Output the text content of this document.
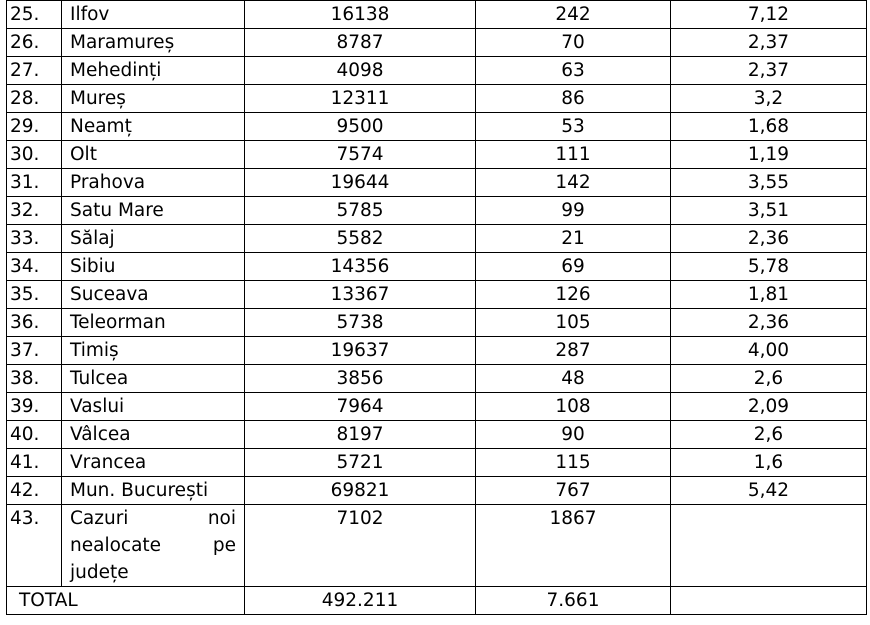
25.	Ilfov	16138	242	7,12
26.	Maramureș	8787	70	2,37
27.	Mehedinți	4098	63	2,37
28.	Mureș	12311	86	3,2
29.	Neamț	9500	53	1,68
30.	Olt	7574	111	1,19
31.	Prahova	19644	142	3,55
32.	Satu Mare	5785	99	3,51
33.	Sălaj	5582	21	2,36
34.	Sibiu	14356	69	5,78
35.	Suceava	13367	126	1,81
36.	Teleorman	5738	105	2,36
37.	Timiș	19637	287	4,00
38.	Tulcea	3856	48	2,6
39.	Vaslui	7964	108	2,09
40.	Vâlcea	8197	90	2,6
41.	Vrancea	5721	115	1,6
42.	Mun. București	69821	767	5,42
43.	Cazuri noi nealocate pe județe	7102	1867	
TOTAL		492.211	7.661	
